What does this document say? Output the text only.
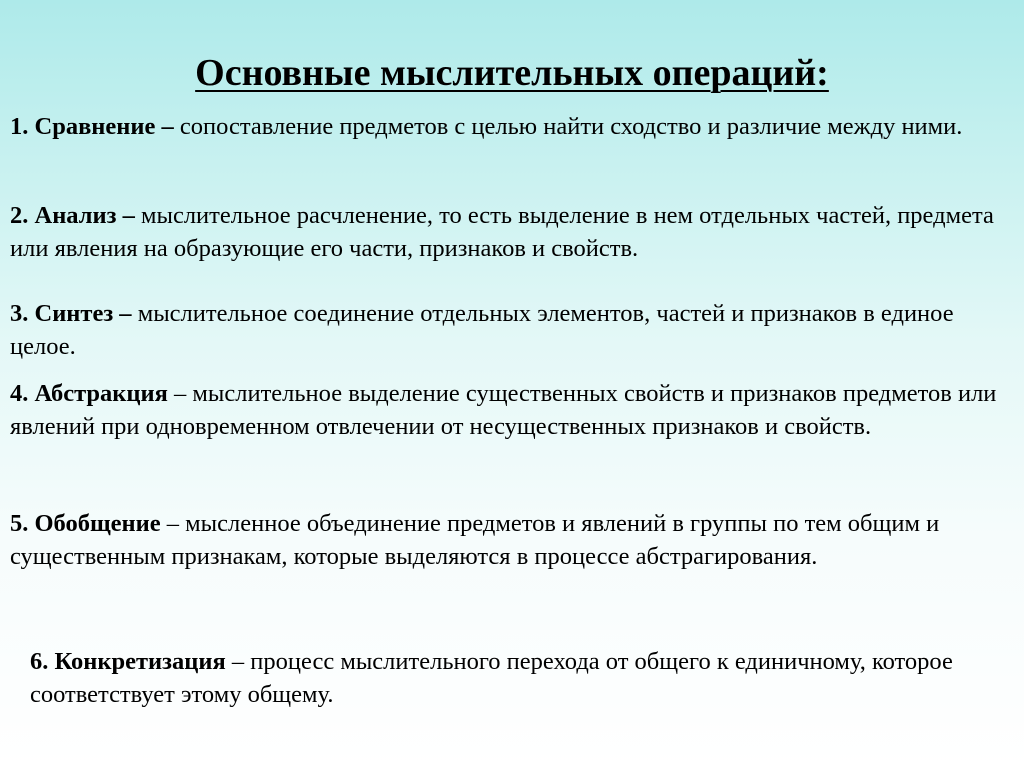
Основные мыслительных операций:
1. Сравнение – сопоставление предметов с целью найти сходство и различие между ними.
2. Анализ – мыслительное расчленение, то есть выделение в нем отдельных частей, предмета или явления на образующие его части, признаков и свойств.
3. Синтез – мыслительное соединение отдельных элементов, частей и признаков в единое целое.
4. Абстракция – мыслительное выделение существенных свойств и признаков предметов или явлений при одновременном отвлечении от несущественных признаков и свойств.
5. Обобщение – мысленное объединение предметов и явлений в группы по тем общим и существенным признакам, которые выделяются в процессе абстрагирования.
6. Конкретизация – процесс мыслительного перехода от общего к единичному, которое соответствует этому общему.
